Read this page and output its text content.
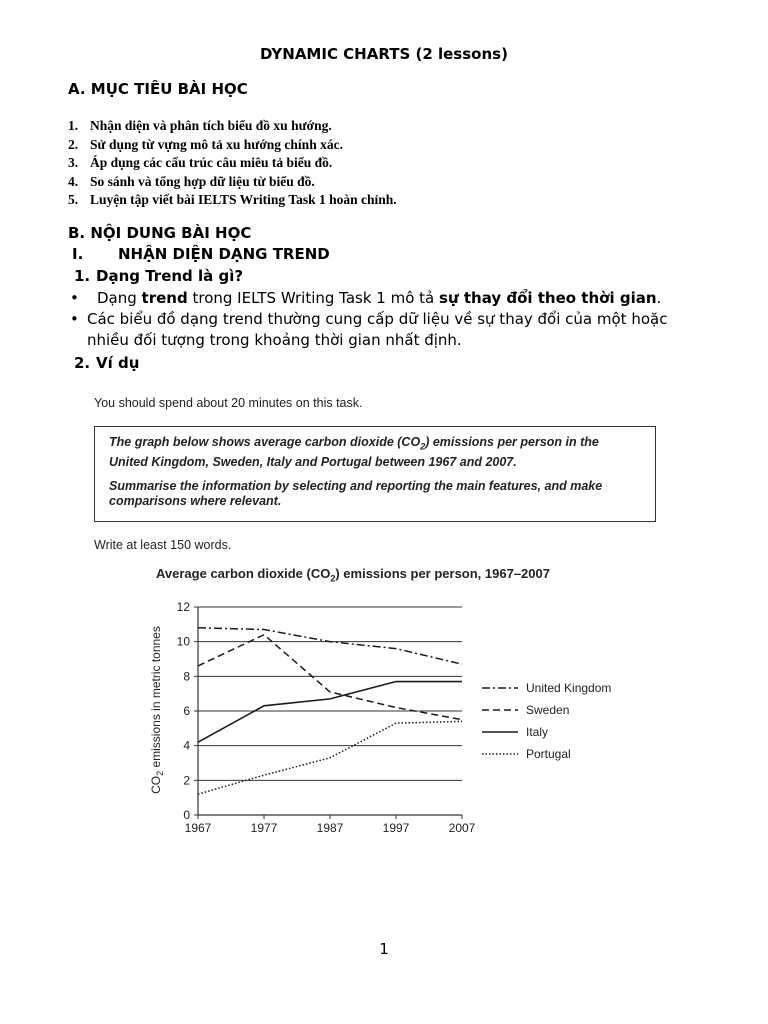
DYNAMIC CHARTS (2 lessons)
A. MỤC TIÊU BÀI HỌC
1. Nhận diện và phân tích biểu đồ xu hướng.
2. Sử dụng từ vựng mô tả xu hướng chính xác.
3. Áp dụng các cấu trúc câu miêu tả biểu đồ.
4. So sánh và tổng hợp dữ liệu từ biểu đồ.
5. Luyện tập viết bài IELTS Writing Task 1 hoàn chỉnh.
B. NỘI DUNG BÀI HỌC
I.	NHẬN DIỆN DẠNG TREND
1. Dạng Trend là gì?
•	Dạng trend trong IELTS Writing Task 1 mô tả sự thay đổi theo thời gian.
• Các biểu đồ dạng trend thường cung cấp dữ liệu về sự thay đổi của một hoặc nhiều đối tượng trong khoảng thời gian nhất định.
2. Ví dụ
You should spend about 20 minutes on this task.

The graph below shows average carbon dioxide $(CO_2)$ emissions per person in the United Kingdom, Sweden, Italy and Portugal between 1967 and 2007.

Summarise the information by selecting and reporting the main features, and make comparisons where relevant.

Write at least 150 words.
Average carbon dioxide $(CO_2)$ emissions per person, 1967–2007
0
2
4
6
8
10
12
1967	1977	1987	1997	2007
United Kingdom
Sweden
Italy
Portugal
$CO_2$ emissions in metric tonnes
1
